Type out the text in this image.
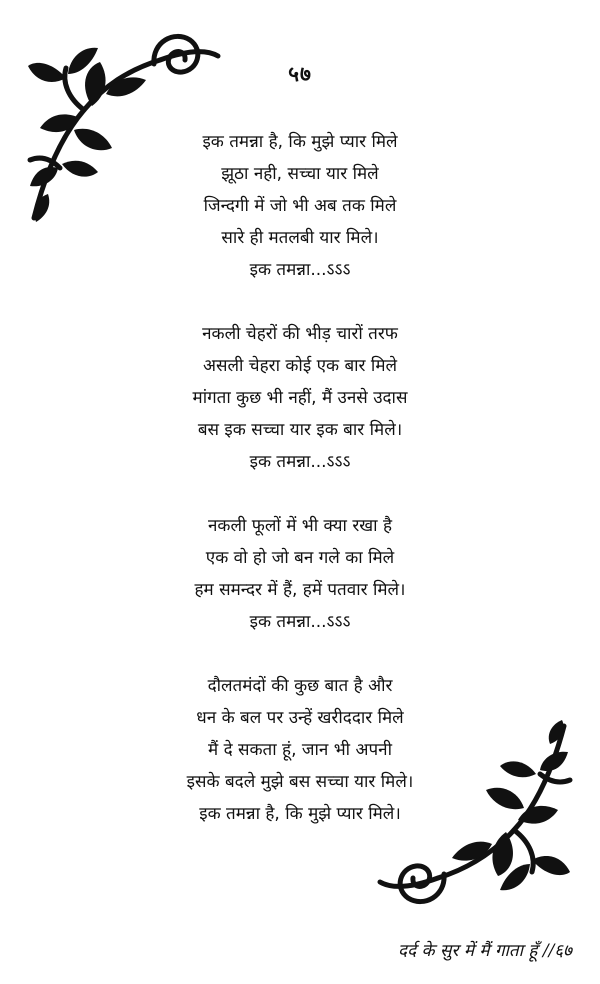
५७
इक तमन्ना है, कि मुझे प्यार मिले
झूठा नही, सच्चा यार मिले
जिन्दगी में जो भी अब तक मिले
सारे ही मतलबी यार मिले।
इक तमन्ना...ऽऽऽ
नकली चेहरों की भीड़ चारों तरफ
असली चेहरा कोई एक बार मिले
मांगता कुछ भी नहीं, मैं उनसे उदास
बस इक सच्चा यार इक बार मिले।
इक तमन्ना...ऽऽऽ
नकली फूलों में भी क्या रखा है
एक वो हो जो बन गले का मिले
हम समन्दर में हैं, हमें पतवार मिले।
इक तमन्ना...ऽऽऽ
दौलतमंदों की कुछ बात है और
धन के बल पर उन्हें खरीददार मिले
मैं दे सकता हूं, जान भी अपनी
इसके बदले मुझे बस सच्चा यार मिले।
इक तमन्ना है, कि मुझे प्यार मिले।
दर्द के सुर में मैं गाता हूँ //६७
